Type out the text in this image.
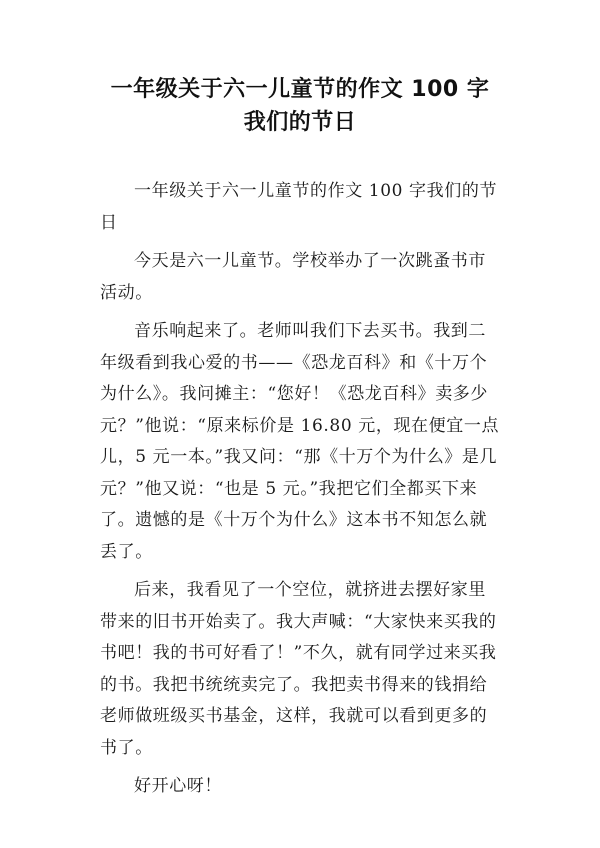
一年级关于六一儿童节的作文 100 字
我们的节日

一年级关于六一儿童节的作文 100 字我们的节日

今天是六一儿童节。学校举办了一次跳蚤书市活动。

音乐响起来了。老师叫我们下去买书。我到二年级看到我心爱的书——《恐龙百科》和《十万个为什么》。我问摊主：“您好！《恐龙百科》卖多少元？”他说：“原来标价是 16.80 元，现在便宜一点儿，5 元一本。”我又问：“那《十万个为什么》是几元？”他又说：“也是 5 元。”我把它们全都买下来了。遗憾的是《十万个为什么》这本书不知怎么就丢了。

后来，我看见了一个空位，就挤进去摆好家里带来的旧书开始卖了。我大声喊：“大家快来买我的书吧！我的书可好看了！”不久，就有同学过来买我的书。我把书统统卖完了。我把卖书得来的钱捐给老师做班级买书基金，这样，我就可以看到更多的书了。

好开心呀！
